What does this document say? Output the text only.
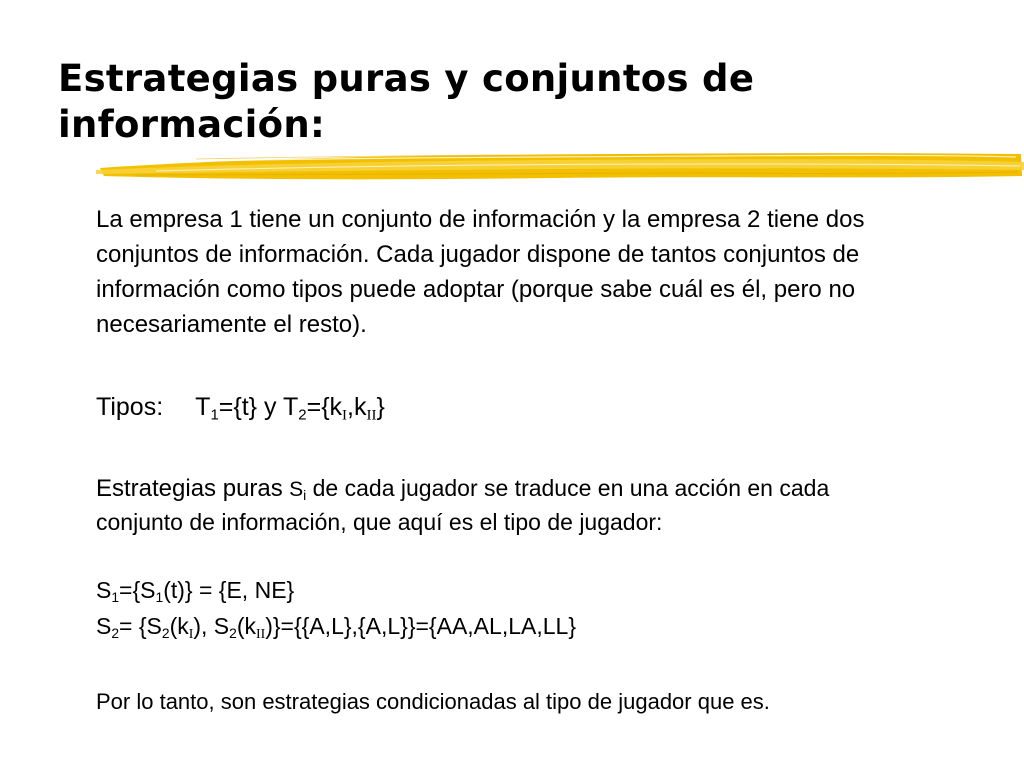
Estrategias puras y conjuntos de información:

La empresa 1 tiene un conjunto de información y la empresa 2 tiene dos conjuntos de información. Cada jugador dispone de tantos conjuntos de información como tipos puede adoptar (porque sabe cuál es él, pero no necesariamente el resto).

Tipos: $T_1=\{t\}$ y $T_2=\{k_I,k_{II}\}$

Estrategias puras $S_i$ de cada jugador se traduce en una acción en cada conjunto de información, que aquí es el tipo de jugador:

$S_1=\{S_1(t)\} = \{E$, NE}

$S_2= \{S_2(k_I)$, $S_2(k_{II})\}=\{\{A,L\},\{A,L\}\}=\{AA,AL,LA,LL\}$

Por lo tanto, son estrategias condicionadas al tipo de jugador que es.
